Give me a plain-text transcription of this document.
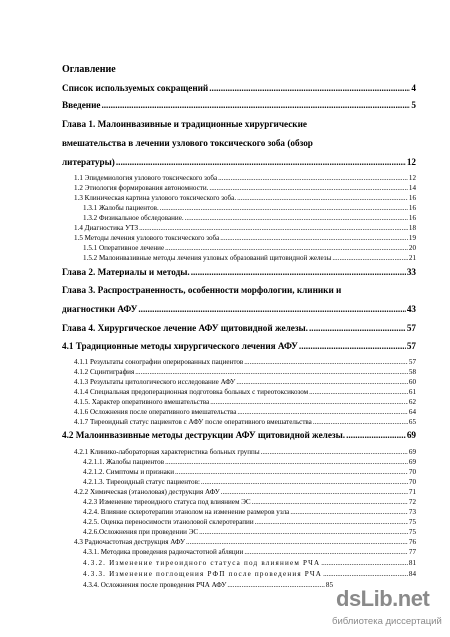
Оглавление
Список используемых сокращений .....	4
Введение .....	5
Глава 1. Малоинвазивные и традиционные хирургические
вмешательства в лечении узлового токсического зоба (обзор
литературы) .....	12
1.1 Эпидемиология узлового токсического зоба .....	12
1.2 Этиология формирования автономности. .....	14
1.3 Клиническая картина узлового токсического зоба. .....	16
1.3.1 Жалобы пациентов. .....	16
1.3.2 Физикальное обследование. .....	16
1.4 Диагностика УТЗ .....	18
1.5 Методы лечения узлового токсического зоба .....	19
1.5.1 Оперативное лечение .....	20
1.5.2 Малоинвазивные методы лечения узловых образований щитовидной железы .....	21
Глава 2. Материалы и методы. .....	33
Глава 3. Распространенность, особенности морфологии, клиники и
диагностики АФУ .....	43
Глава 4. Хирургическое лечение АФУ щитовидной железы. .....	57
4.1 Традиционные методы хирургического лечения АФУ .....	57
4.1.1 Результаты сонографии оперированных пациентов .....	57
4.1.2 Сцинтиграфия .....	58
4.1.3 Результаты цитологического исследование АФУ .....	60
4.1.4 Специальная предоперационная подготовка больных с тиреотоксикозом .....	61
4.1.5. Характер оперативного вмешательства .....	62
4.1.6 Осложнения после оперативного вмешательства .....	64
4.1.7 Тиреоидный статус пациентов с АФУ после оперативного вмешательства .....	65
4.2 Малоинвазивные методы деструкции АФУ щитовидной железы. .....	69
4.2.1 Клинико-лабораторная характеристика больных группы .....	69
4.2.1.1. Жалобы пациентов .....	69
4.2.1.2. Симптомы и признаки .....	70
4.2.1.3. Тиреоидный статус пациентов: .....	70
4.2.2 Химическая (этаноловая) деструкция АФУ .....	71
4.2.3 Изменение тиреоидного статуса под влиянием ЭС .....	72
4.2.4. Влияние склеротерапии этанолом на изменение размеров узла .....	73
4.2.5. Оценка переносимости этаноловой склеротерапии .....	75
4.2.6.Осложнения при проведении ЭС .....	75
4.3 Радиочастотная деструкция АФУ .....	76
4.3.1. Методика проведения радиочастотной абляции .....	77
4.3.2. Изменение тиреоидного статуса под влиянием РЧА .....	81
4.3.3. Изменение поглощения РФП после проведения РЧА .....	84
4.3.4. Осложнения после проведения РЧА АФУ .....	85
dsLib.net
библиотека диссертаций
